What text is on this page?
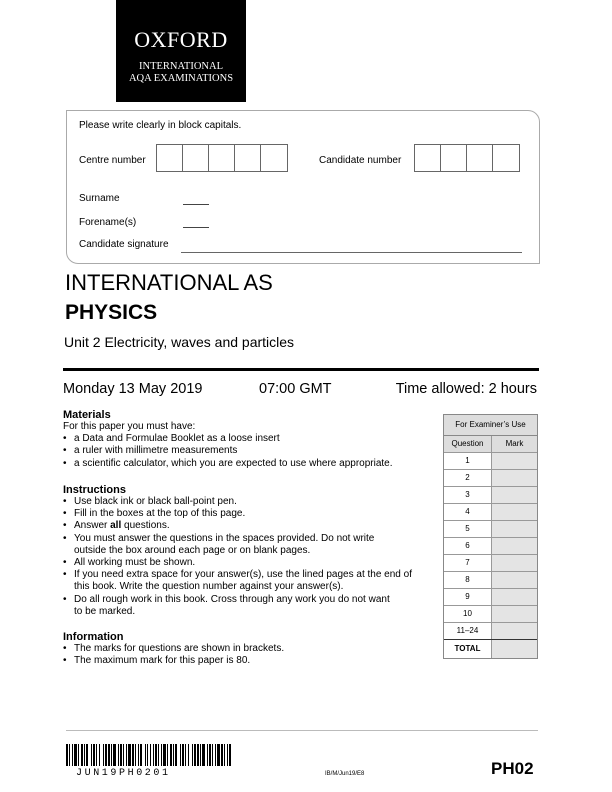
OXFORD
INTERNATIONAL
AQA EXAMINATIONS
Please write clearly in block capitals.
Centre number	Candidate number
Surname
Forename(s)
Candidate signature
INTERNATIONAL AS
PHYSICS
Unit 2 Electricity, waves and particles
Monday 13 May 2019	07:00 GMT	Time allowed: 2 hours
Materials
For this paper you must have:
• a Data and Formulae Booklet as a loose insert
• a ruler with millimetre measurements
• a scientific calculator, which you are expected to use where appropriate.
Instructions
• Use black ink or black ball-point pen.
• Fill in the boxes at the top of this page.
• Answer all questions.
• You must answer the questions in the spaces provided. Do not write
outside the box around each page or on blank pages.
• All working must be shown.
• If you need extra space for your answer(s), use the lined pages at the end of
this book. Write the question number against your answer(s).
• Do all rough work in this book. Cross through any work you do not want
to be marked.
Information
• The marks for questions are shown in brackets.
• The maximum mark for this paper is 80.
For Examiner’s Use
Question	Mark
1
2
3
4
5
6
7
8
9
10
11–24
TOTAL
JUN19PH0201	IB/M/Jun19/E8	PH02
